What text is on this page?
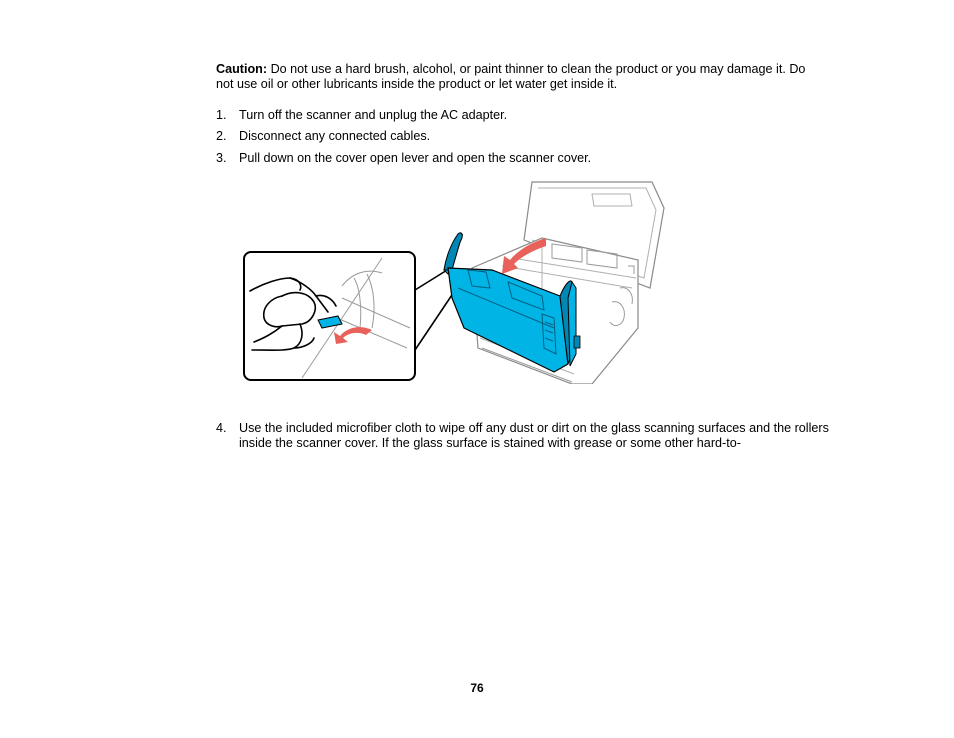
Caution: Do not use a hard brush, alcohol, or paint thinner to clean the product or you may damage it. Do not use oil or other lubricants inside the product or let water get inside it.
1. Turn off the scanner and unplug the AC adapter.
2. Disconnect any connected cables.
3. Pull down on the cover open lever and open the scanner cover.
4. Use the included microfiber cloth to wipe off any dust or dirt on the glass scanning surfaces and the rollers inside the scanner cover. If the glass surface is stained with grease or some other hard-to-
76
